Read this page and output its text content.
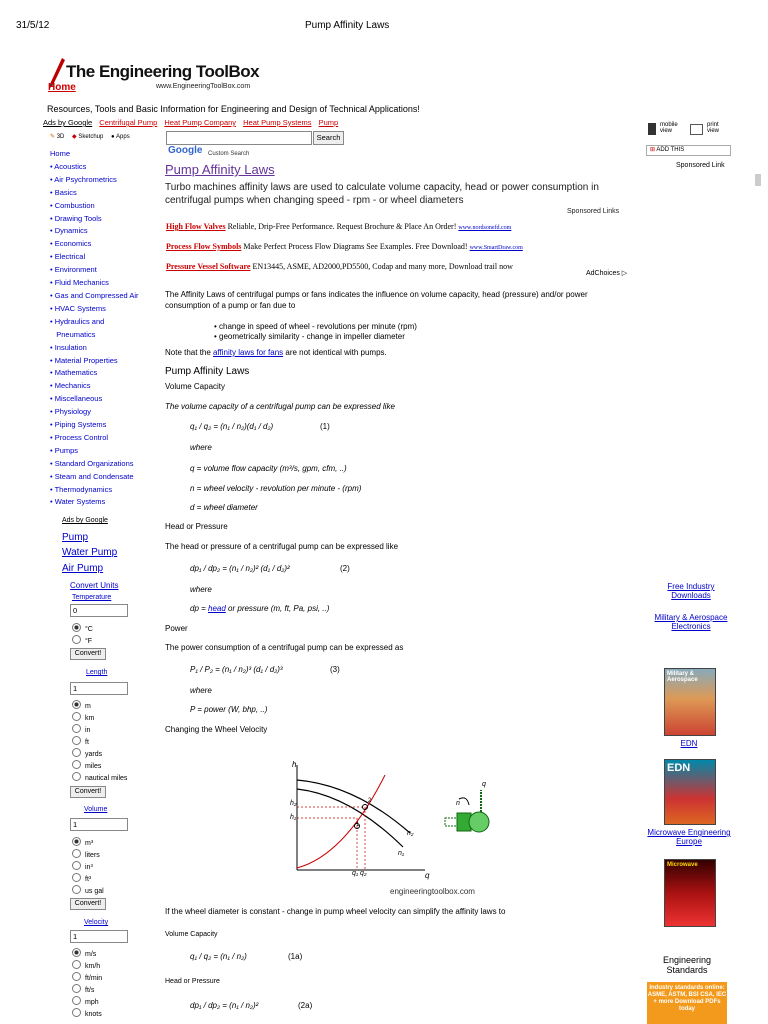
31/5/12	Pump Affinity Laws
The Engineering ToolBox
www.EngineeringToolBox.com
Home
Resources, Tools and Basic Information for Engineering and Design of Technical Applications!
Ads by Google Centrifugal Pump Heat Pump Company Heat Pump Systems Pump
✎ 3D ◆ Sketchup ● Apps
Home
• Acoustics
• Air Psychrometrics
• Basics
• Combustion
• Drawing Tools
• Dynamics
• Economics
• Electrical
• Environment
• Fluid Mechanics
• Gas and Compressed Air
• HVAC Systems
• Hydraulics and
Pneumatics
• Insulation
• Material Properties
• Mathematics
• Mechanics
• Miscellaneous
• Physiology
• Piping Systems
• Process Control
• Pumps
• Standard Organizations
• Steam and Condensate
• Thermodynamics
• Water Systems
Ads by Google
Pump
Water Pump
Air Pump
Convert Units
Temperature
0
°C
°F
Convert!
Length
1
m
km
in
ft
yards
miles
nautical miles
Convert!
Volume
1
m³
liters
in³
ft³
us gal
Convert!
Velocity
1
m/s
km/h
ft/min
ft/s
mph
knots
Search
Google Custom Search
mobile view
print view
⊞ ADD THIS
Sponsored Link
Pump Affinity Laws
Turbo machines affinity laws are used to calculate volume capacity, head or power consumption in centrifugal pumps when changing speed - rpm - or wheel diameters
Sponsored Links
High Flow Valves Reliable, Drip-Free Performance. Request Brochure & Place An Order! www.nordsonefd.com
Process Flow Symbols Make Perfect Process Flow Diagrams See Examples. Free Download! www.SmartDraw.com
Pressure Vessel Software EN13445, ASME, AD2000,PD5500, Codap and many more, Download trail now
AdChoices ▷
The Affinity Laws of centrifugal pumps or fans indicates the influence on volume capacity, head (pressure) and/or power consumption of a pump or fan due to
• change in speed of wheel - revolutions per minute (rpm)
• geometrically similarity - change in impeller diameter
Note that the affinity laws for fans are not identical with pumps.
Pump Affinity Laws
Volume Capacity
The volume capacity of a centrifugal pump can be expressed like
q₁ / q₂ = (n₁ / n₂)(d₁ / d₂)	(1)
where
q = volume flow capacity (m³/s, gpm, cfm, ..)
n = wheel velocity - revolution per minute - (rpm)
d = wheel diameter
Head or Pressure
The head or pressure of a centrifugal pump can be expressed like
dp₁ / dp₂ = (n₁ / n₂)² (d₁ / d₂)²	(2)
where
dp = head or pressure (m, ft, Pa, psi, ..)
Power
The power consumption of a centrifugal pump can be expressed as
P₁ / P₂ = (n₁ / n₂)³ (d₁ / d₂)³	(3)
where
P = power (W, bhp, ..)
Changing the Wheel Velocity
h
q
h₂
h₁
n₂
n₁
2
1
q₁ q₂
q
n
engineeringtoolbox.com
If the wheel diameter is constant - change in pump wheel velocity can simplify the affinity laws to
Volume Capacity
q₁ / q₂ = (n₁ / n₂)	(1a)
Head or Pressure
dp₁ / dp₂ = (n₁ / n₂)²	(2a)
Free Industry Downloads
Military & Aerospace Electronics
Military & Aerospace
EDN
EDN
Microwave Engineering Europe
Microwave
Engineering Standards
Industry standards online: ASME, ASTM, BSI CSA, IEC + more Download PDFs today
